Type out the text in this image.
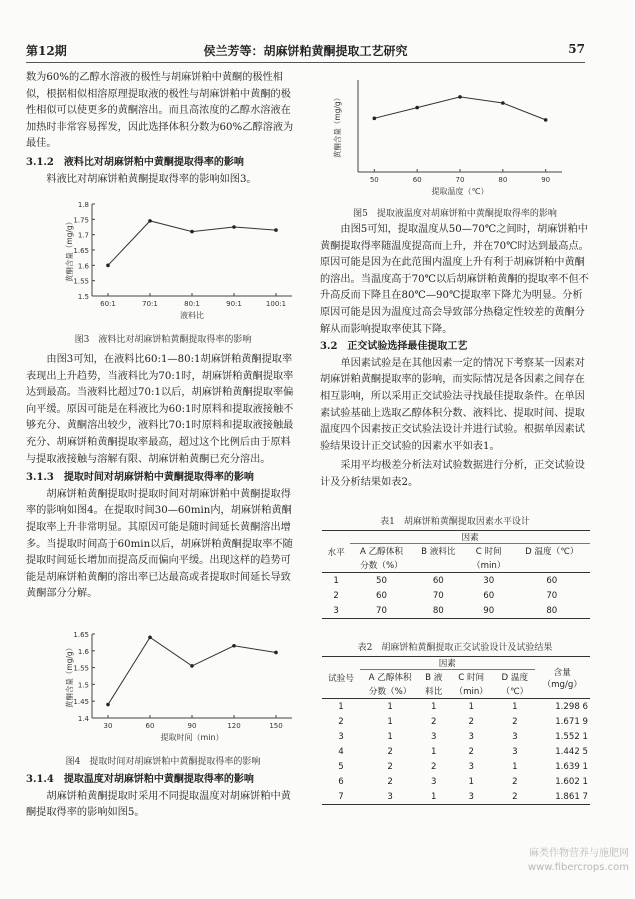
第12期	侯兰芳等：胡麻饼粕黄酮提取工艺研究	57

数为60%的乙醇水溶液的极性与胡麻饼粕中黄酮的极性相似，根据相似相溶原理提取液的极性与胡麻饼粕中黄酮的极性相似可以使更多的黄酮溶出。而且高浓度的乙醇水溶液在加热时非常容易挥发，因此选择体积分数为60%乙醇溶液为最佳。

3.1.2　液料比对胡麻饼粕中黄酮提取得率的影响

料液比对胡麻饼粕黄酮提取得率的影响如图3。

1.5
1.55
1.6
1.65
1.7
1.75
1.8
60:1	70:1	80:1	90:1	100:1
液料比
黄酮含量（mg/g）
图3　液料比对胡麻饼粕黄酮提取得率的影响

由图3可知，在液料比60:1—80:1胡麻饼粕黄酮提取率表现出上升趋势，当液料比为70:1时，胡麻饼粕黄酮提取率达到最高。当液料比超过70:1以后，胡麻饼粕黄酮提取率偏向平缓。原因可能是在料液比为60:1时原料和提取液接触不够充分、黄酮溶出较少，液料比70:1时原料和提取液接触最充分、胡麻饼粕黄酮提取率最高，超过这个比例后由于原料与提取液接触与溶解有限、胡麻饼粕黄酮已充分溶出。

3.1.3　提取时间对胡麻饼粕中黄酮提取得率的影响

胡麻饼粕黄酮提取时提取时间对胡麻饼粕中黄酮提取得率的影响如图4。在提取时间30—60min内，胡麻饼粕黄酮提取率上升非常明显。其原因可能是随时间延长黄酮溶出增多。当提取时间高于60min以后，胡麻饼粕黄酮提取率不随提取时间延长增加而提高反而偏向平缓。出现这样的趋势可能是胡麻饼粕黄酮的溶出率已达最高或者提取时间延长导致黄酮部分分解。

1.4
1.45
1.5
1.55
1.6
1.65
30	60	90	120	150
提取时间（min）
黄酮含量（mg/g）
图4　提取时间对胡麻饼粕中黄酮提取得率的影响

3.1.4　提取温度对胡麻饼粕中黄酮提取得率的影响

胡麻饼粕黄酮提取时采用不同提取温度对胡麻饼粕中黄酮提取得率的影响如图5。

50	60	70	80	90
提取温度（℃）
黄酮含量（mg/g）
图5　提取液温度对胡麻饼粕中黄酮提取得率的影响

由图5可知，提取温度从50—70℃之间时，胡麻饼粕中黄酮提取得率随温度提高而上升，并在70℃时达到最高点。原因可能是因为在此范围内温度上升有利于胡麻饼粕中黄酮的溶出。当温度高于70℃以后胡麻饼粕黄酮的提取率不但不升高反而下降且在80℃—90℃提取率下降尤为明显。分析原因可能是因为温度过高会导致部分热稳定性较差的黄酮分解从而影响提取率使其下降。

3.2　正交试验选择最佳提取工艺

单因素试验是在其他因素一定的情况下考察某一因素对胡麻饼粕黄酮提取率的影响，而实际情况是各因素之间存在相互影响，所以采用正交试验法寻找最佳提取条件。在单因素试验基础上选取乙醇体积分数、液料比、提取时间、提取温度四个因素按正交试验法设计并进行试验。根据单因素试验结果设计正交试验的因素水平如表1。

采用平均极差分析法对试验数据进行分析，正交试验设计及分析结果如表2。

表1　胡麻饼粕黄酮提取因素水平设计
水平	因素			
	A 乙醇体积	B 液料比	C 时间	D 温度（℃）
	分数（%）		（min）	
1	50	60	30	60
2	60	70	60	70
3	70	80	90	80
表2　胡麻饼粕黄酮提取正交试验设计及试验结果
试验号	因素				含量
（mg/g）

	A 乙醇体积	B 液	C 时间	D 温度	
	分数（%）	料比	（min）	（℃）	
1	1	1	1	1	1.298 6
2	1	2	2	2	1.671 9
3	1	3	3	3	1.552 1
4	2	1	2	3	1.442 5
5	2	2	3	1	1.639 1
6	2	3	1	2	1.602 1
7	3	1	3	2	1.861 7
麻类作物营养与施肥网
www.fibercrops.com
